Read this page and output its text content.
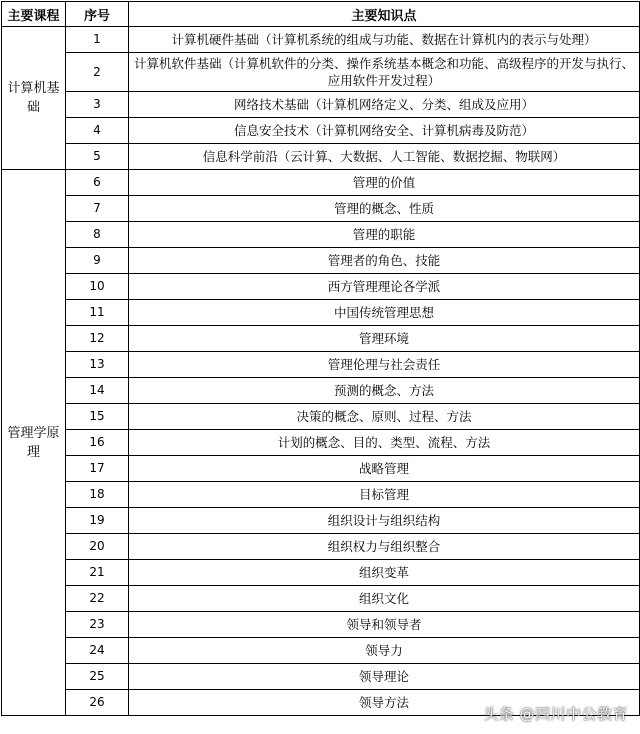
主要课程	序号	主要知识点
计算机基础	1	计算机硬件基础（计算机系统的组成与功能、数据在计算机内的表示与处理）
	2	计算机软件基础（计算机软件的分类、操作系统基本概念和功能、高级程序的开发与执行、应用软件开发过程）
	3	网络技术基础（计算机网络定义、分类、组成及应用）
	4	信息安全技术（计算机网络安全、计算机病毒及防范）
	5	信息科学前沿（云计算、大数据、人工智能、数据挖掘、物联网）
管理学原理	6	管理的价值
	7	管理的概念、性质
	8	管理的职能
	9	管理者的角色、技能
	10	西方管理理论各学派
	11	中国传统管理思想
	12	管理环境
	13	管理伦理与社会责任
	14	预测的概念、方法
	15	决策的概念、原则、过程、方法
	16	计划的概念、目的、类型、流程、方法
	17	战略管理
	18	目标管理
	19	组织设计与组织结构
	20	组织权力与组织整合
	21	组织变革
	22	组织文化
	23	领导和领导者
	24	领导力
	25	领导理论
	26	领导方法
头条 @四川中公教育
